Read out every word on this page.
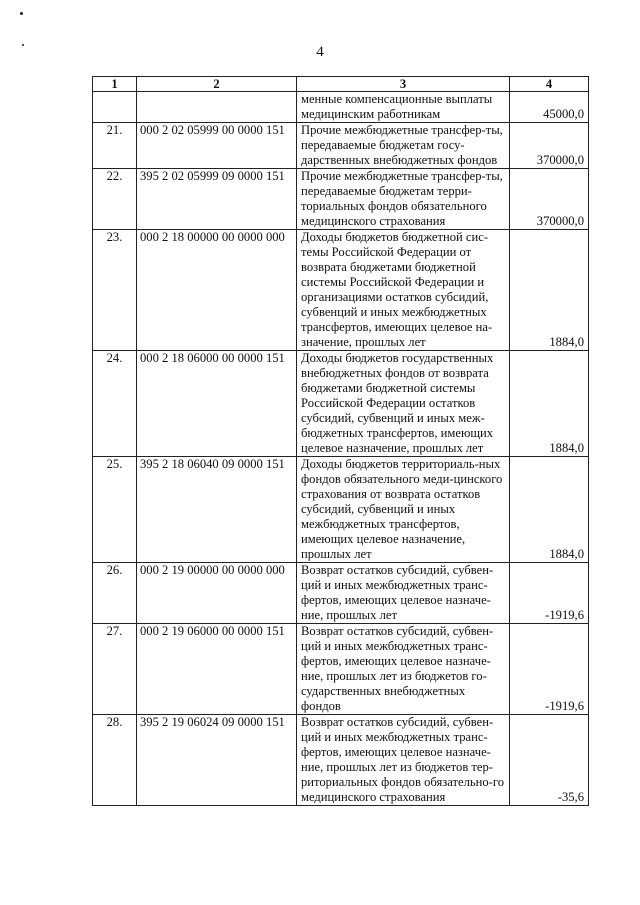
4
1	2	3	4
		менные компенсационные выплаты медицинским работникам	45000,0
21.	000 2 02 05999 00 0000 151	Прочие межбюджетные трансфер-ты, передаваемые бюджетам госу-дарственных внебюджетных фондов	370000,0
22.	395 2 02 05999 09 0000 151	Прочие межбюджетные трансфер-ты, передаваемые бюджетам терри-ториальных фондов обязательного медицинского страхования	370000,0
23.	000 2 18 00000 00 0000 000	Доходы бюджетов бюджетной сис-темы Российской Федерации от возврата бюджетами бюджетной системы Российской Федерации и организациями остатков субсидий, субвенций и иных межбюджетных трансфертов, имеющих целевое на-значение, прошлых лет	1884,0
24.	000 2 18 06000 00 0000 151	Доходы бюджетов государственных внебюджетных фондов от возврата бюджетами бюджетной системы Российской Федерации остатков субсидий, субвенций и иных меж-бюджетных трансфертов, имеющих целевое назначение, прошлых лет	1884,0
25.	395 2 18 06040 09 0000 151	Доходы бюджетов территориаль-ных фондов обязательного меди-цинского страхования от возврата остатков субсидий, субвенций и иных межбюджетных трансфертов, имеющих целевое назначение, прошлых лет	1884,0
26.	000 2 19 00000 00 0000 000	Возврат остатков субсидий, субвен-ций и иных межбюджетных транс-фертов, имеющих целевое назначе-ние, прошлых лет	-1919,6
27.	000 2 19 06000 00 0000 151	Возврат остатков субсидий, субвен-ций и иных межбюджетных транс-фертов, имеющих целевое назначе-ние, прошлых лет из бюджетов го-сударственных внебюджетных фондов	-1919,6
28.	395 2 19 06024 09 0000 151	Возврат остатков субсидий, субвен-ций и иных межбюджетных транс-фертов, имеющих целевое назначе-ние, прошлых лет из бюджетов тер-риториальных фондов обязательно-го медицинского страхования	-35,6
